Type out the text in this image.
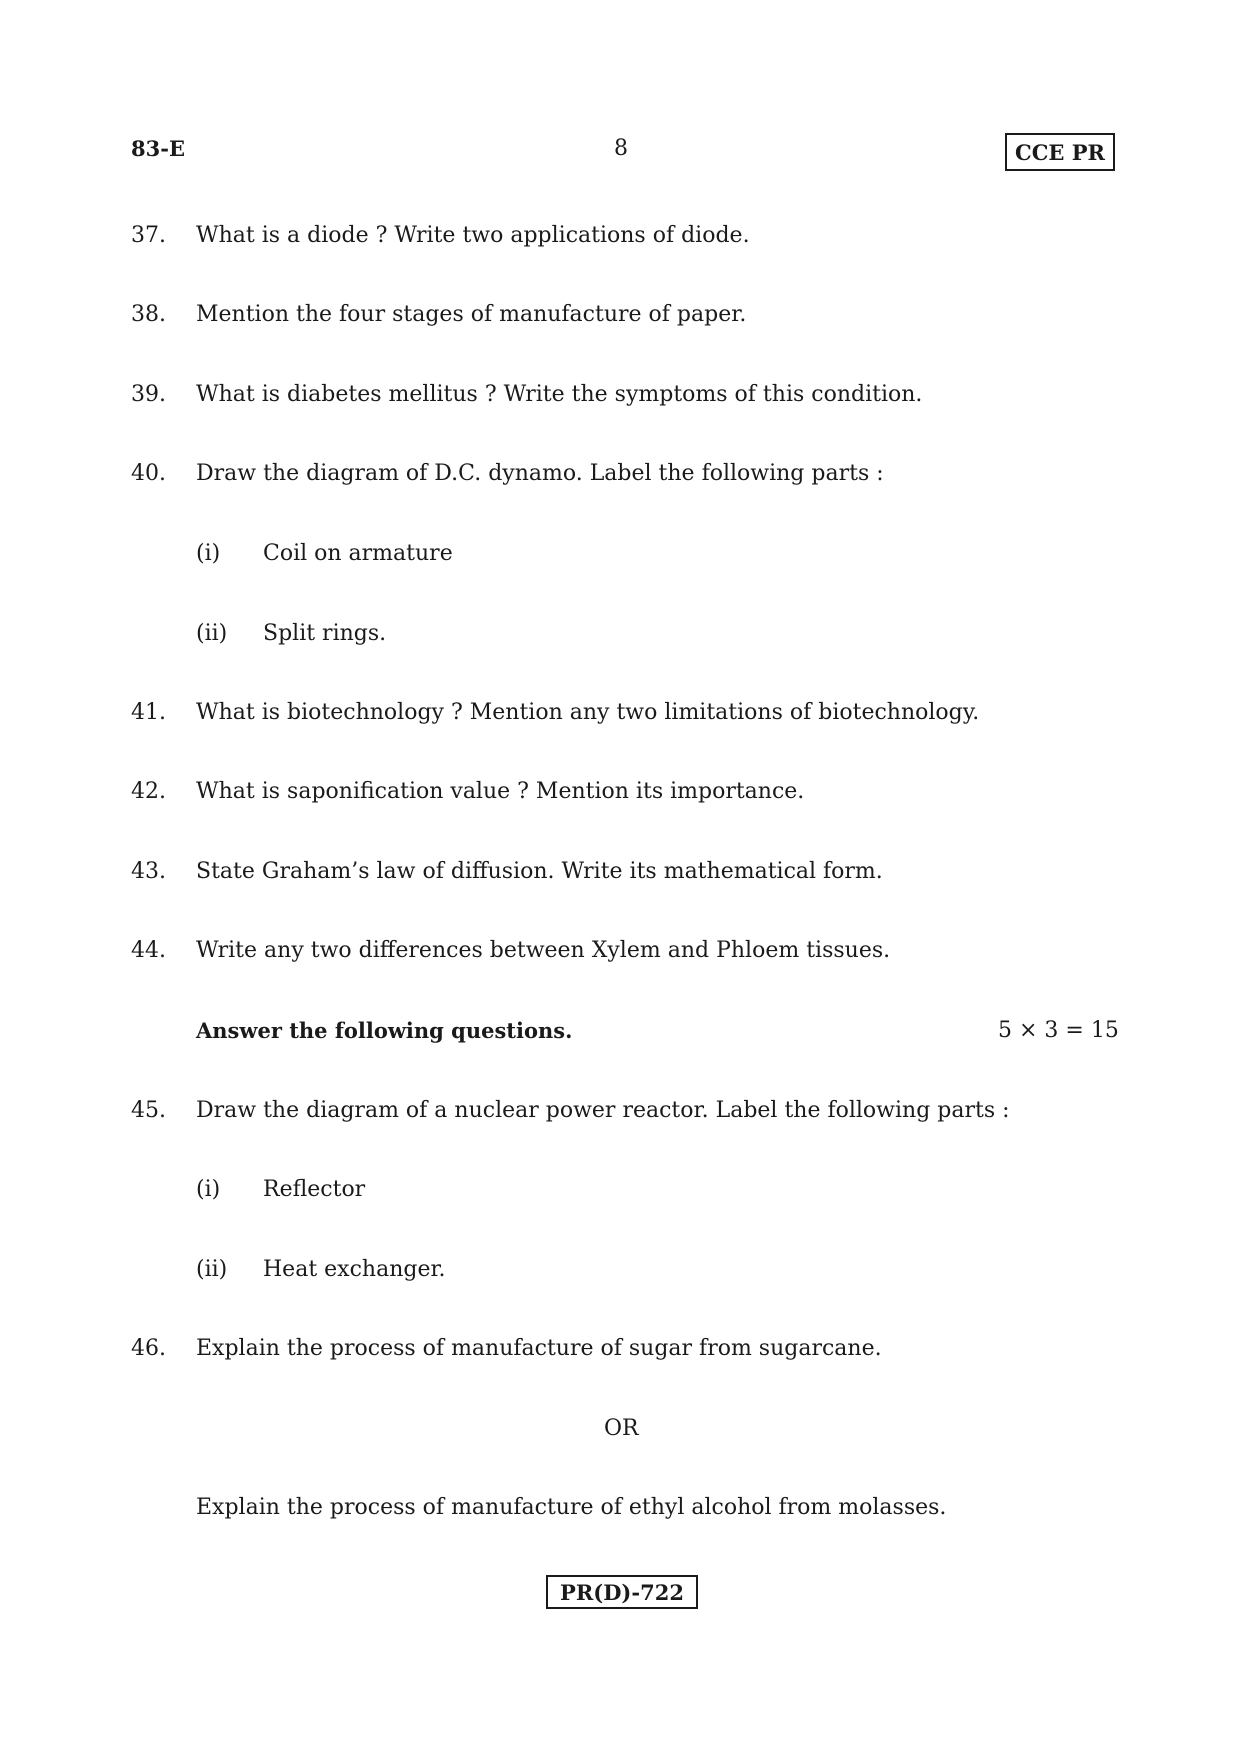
83-E	8	CCE PR
37. What is a diode ? Write two applications of diode.
38. Mention the four stages of manufacture of paper.
39. What is diabetes mellitus ? Write the symptoms of this condition.
40. Draw the diagram of D.C. dynamo. Label the following parts :
(i) Coil on armature
(ii) Split rings.
41. What is biotechnology ? Mention any two limitations of biotechnology.
42. What is saponification value ? Mention its importance.
43. State Graham’s law of diffusion. Write its mathematical form.
44. Write any two differences between Xylem and Phloem tissues.
Answer the following questions.	5 × 3 = 15
45. Draw the diagram of a nuclear power reactor. Label the following parts :
(i) Reflector
(ii) Heat exchanger.
46. Explain the process of manufacture of sugar from sugarcane.
OR
Explain the process of manufacture of ethyl alcohol from molasses.
PR(D)-722
